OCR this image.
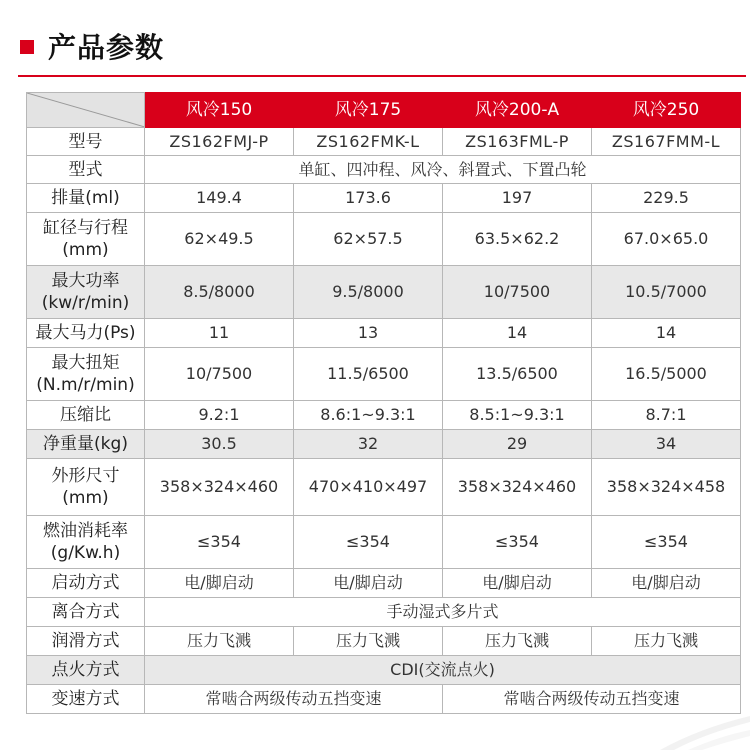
产品参数
	风冷150	风冷175	风冷200-A	风冷250
型号	ZS162FMJ-P	ZS162FMK-L	ZS163FML-P	ZS167FMM-L
型式	单缸、四冲程、风冷、斜置式、下置凸轮			
排量(ml)	149.4	173.6	197	229.5
缸径与行程(mm)	62×49.5	62×57.5	63.5×62.2	67.0×65.0
最大功率(kw/r/min)	8.5/8000	9.5/8000	10/7500	10.5/7000
最大马力(Ps)	11	13	14	14
最大扭矩(N.m/r/min)	10/7500	11.5/6500	13.5/6500	16.5/5000
压缩比	9.2:1	8.6:1~9.3:1	8.5:1~9.3:1	8.7:1
净重量(kg)	30.5	32	29	34
外形尺寸(mm)	358×324×460	470×410×497	358×324×460	358×324×458
燃油消耗率(g/Kw.h)	≤354	≤354	≤354	≤354
启动方式	电/脚启动	电/脚启动	电/脚启动	电/脚启动
离合方式	手动湿式多片式			
润滑方式	压力飞溅	压力飞溅	压力飞溅	压力飞溅
点火方式	CDI(交流点火)			
变速方式	常啮合两级传动五挡变速		常啮合两级传动五挡变速	
